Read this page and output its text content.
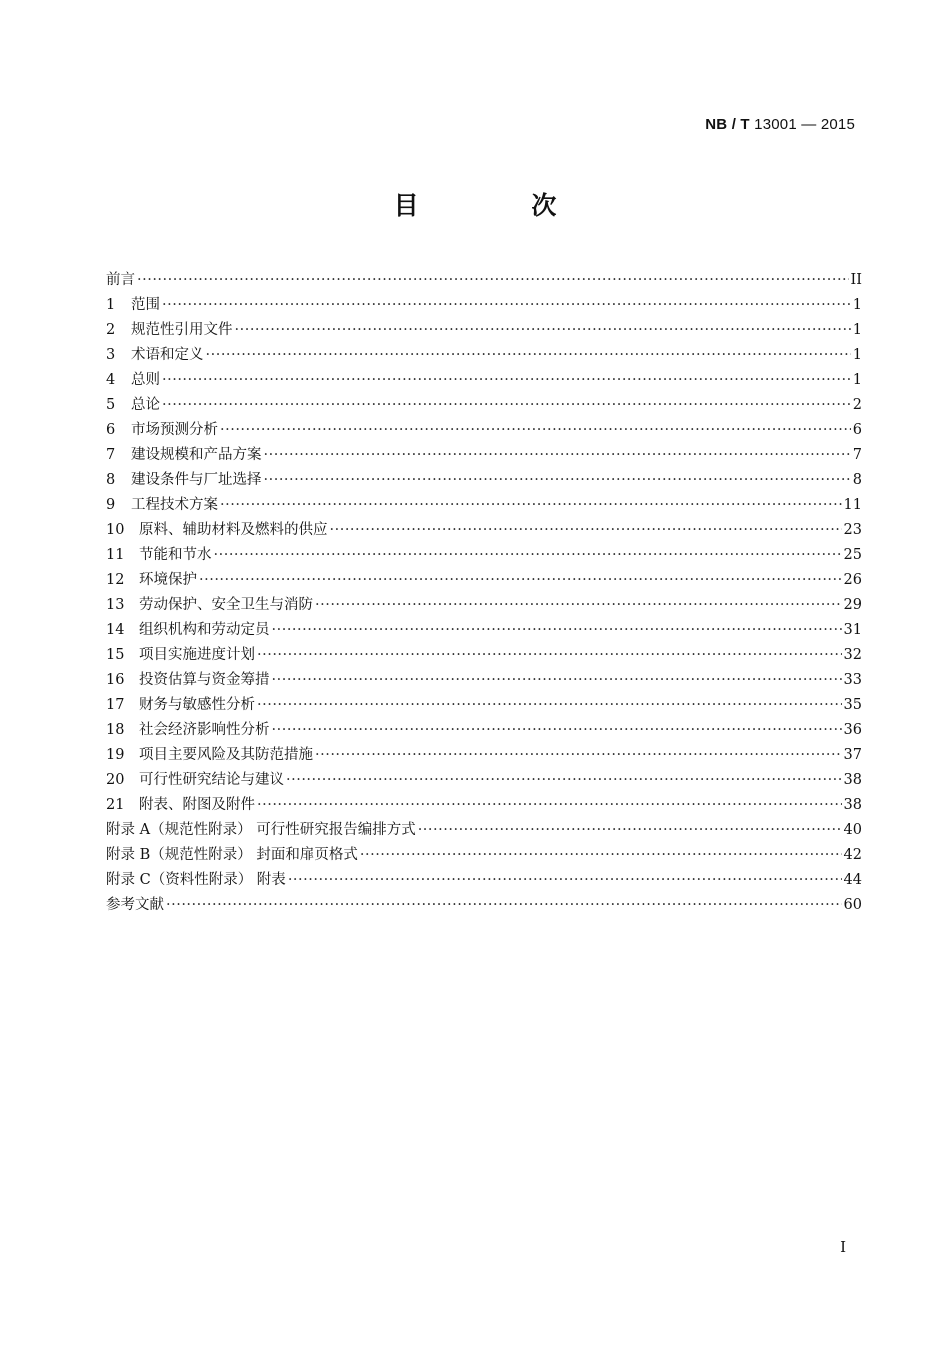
NB / T 13001 — 2015
目 次
前言 ·····	II
1	范围 ·····	1
2	规范性引用文件 ·····	1
3	术语和定义 ·····	1
4	总则 ·····	1
5	总论 ·····	2
6	市场预测分析 ·····	6
7	建设规模和产品方案 ·····	7
8	建设条件与厂址选择 ·····	8
9	工程技术方案 ·····	11
10	原料、辅助材料及燃料的供应 ·····	23
11	节能和节水 ·····	25
12	环境保护 ·····	26
13	劳动保护、安全卫生与消防 ·····	29
14	组织机构和劳动定员 ·····	31
15	项目实施进度计划 ·····	32
16	投资估算与资金筹措 ·····	33
17	财务与敏感性分析 ·····	35
18	社会经济影响性分析 ·····	36
19	项目主要风险及其防范措施 ·····	37
20	可行性研究结论与建议 ·····	38
21	附表、附图及附件 ·····	38
附录 A（规范性附录） 可行性研究报告编排方式 ·····	40
附录 B（规范性附录） 封面和扉页格式 ·····	42
附录 C（资料性附录） 附表 ·····	44
参考文献 ·····	60
I
